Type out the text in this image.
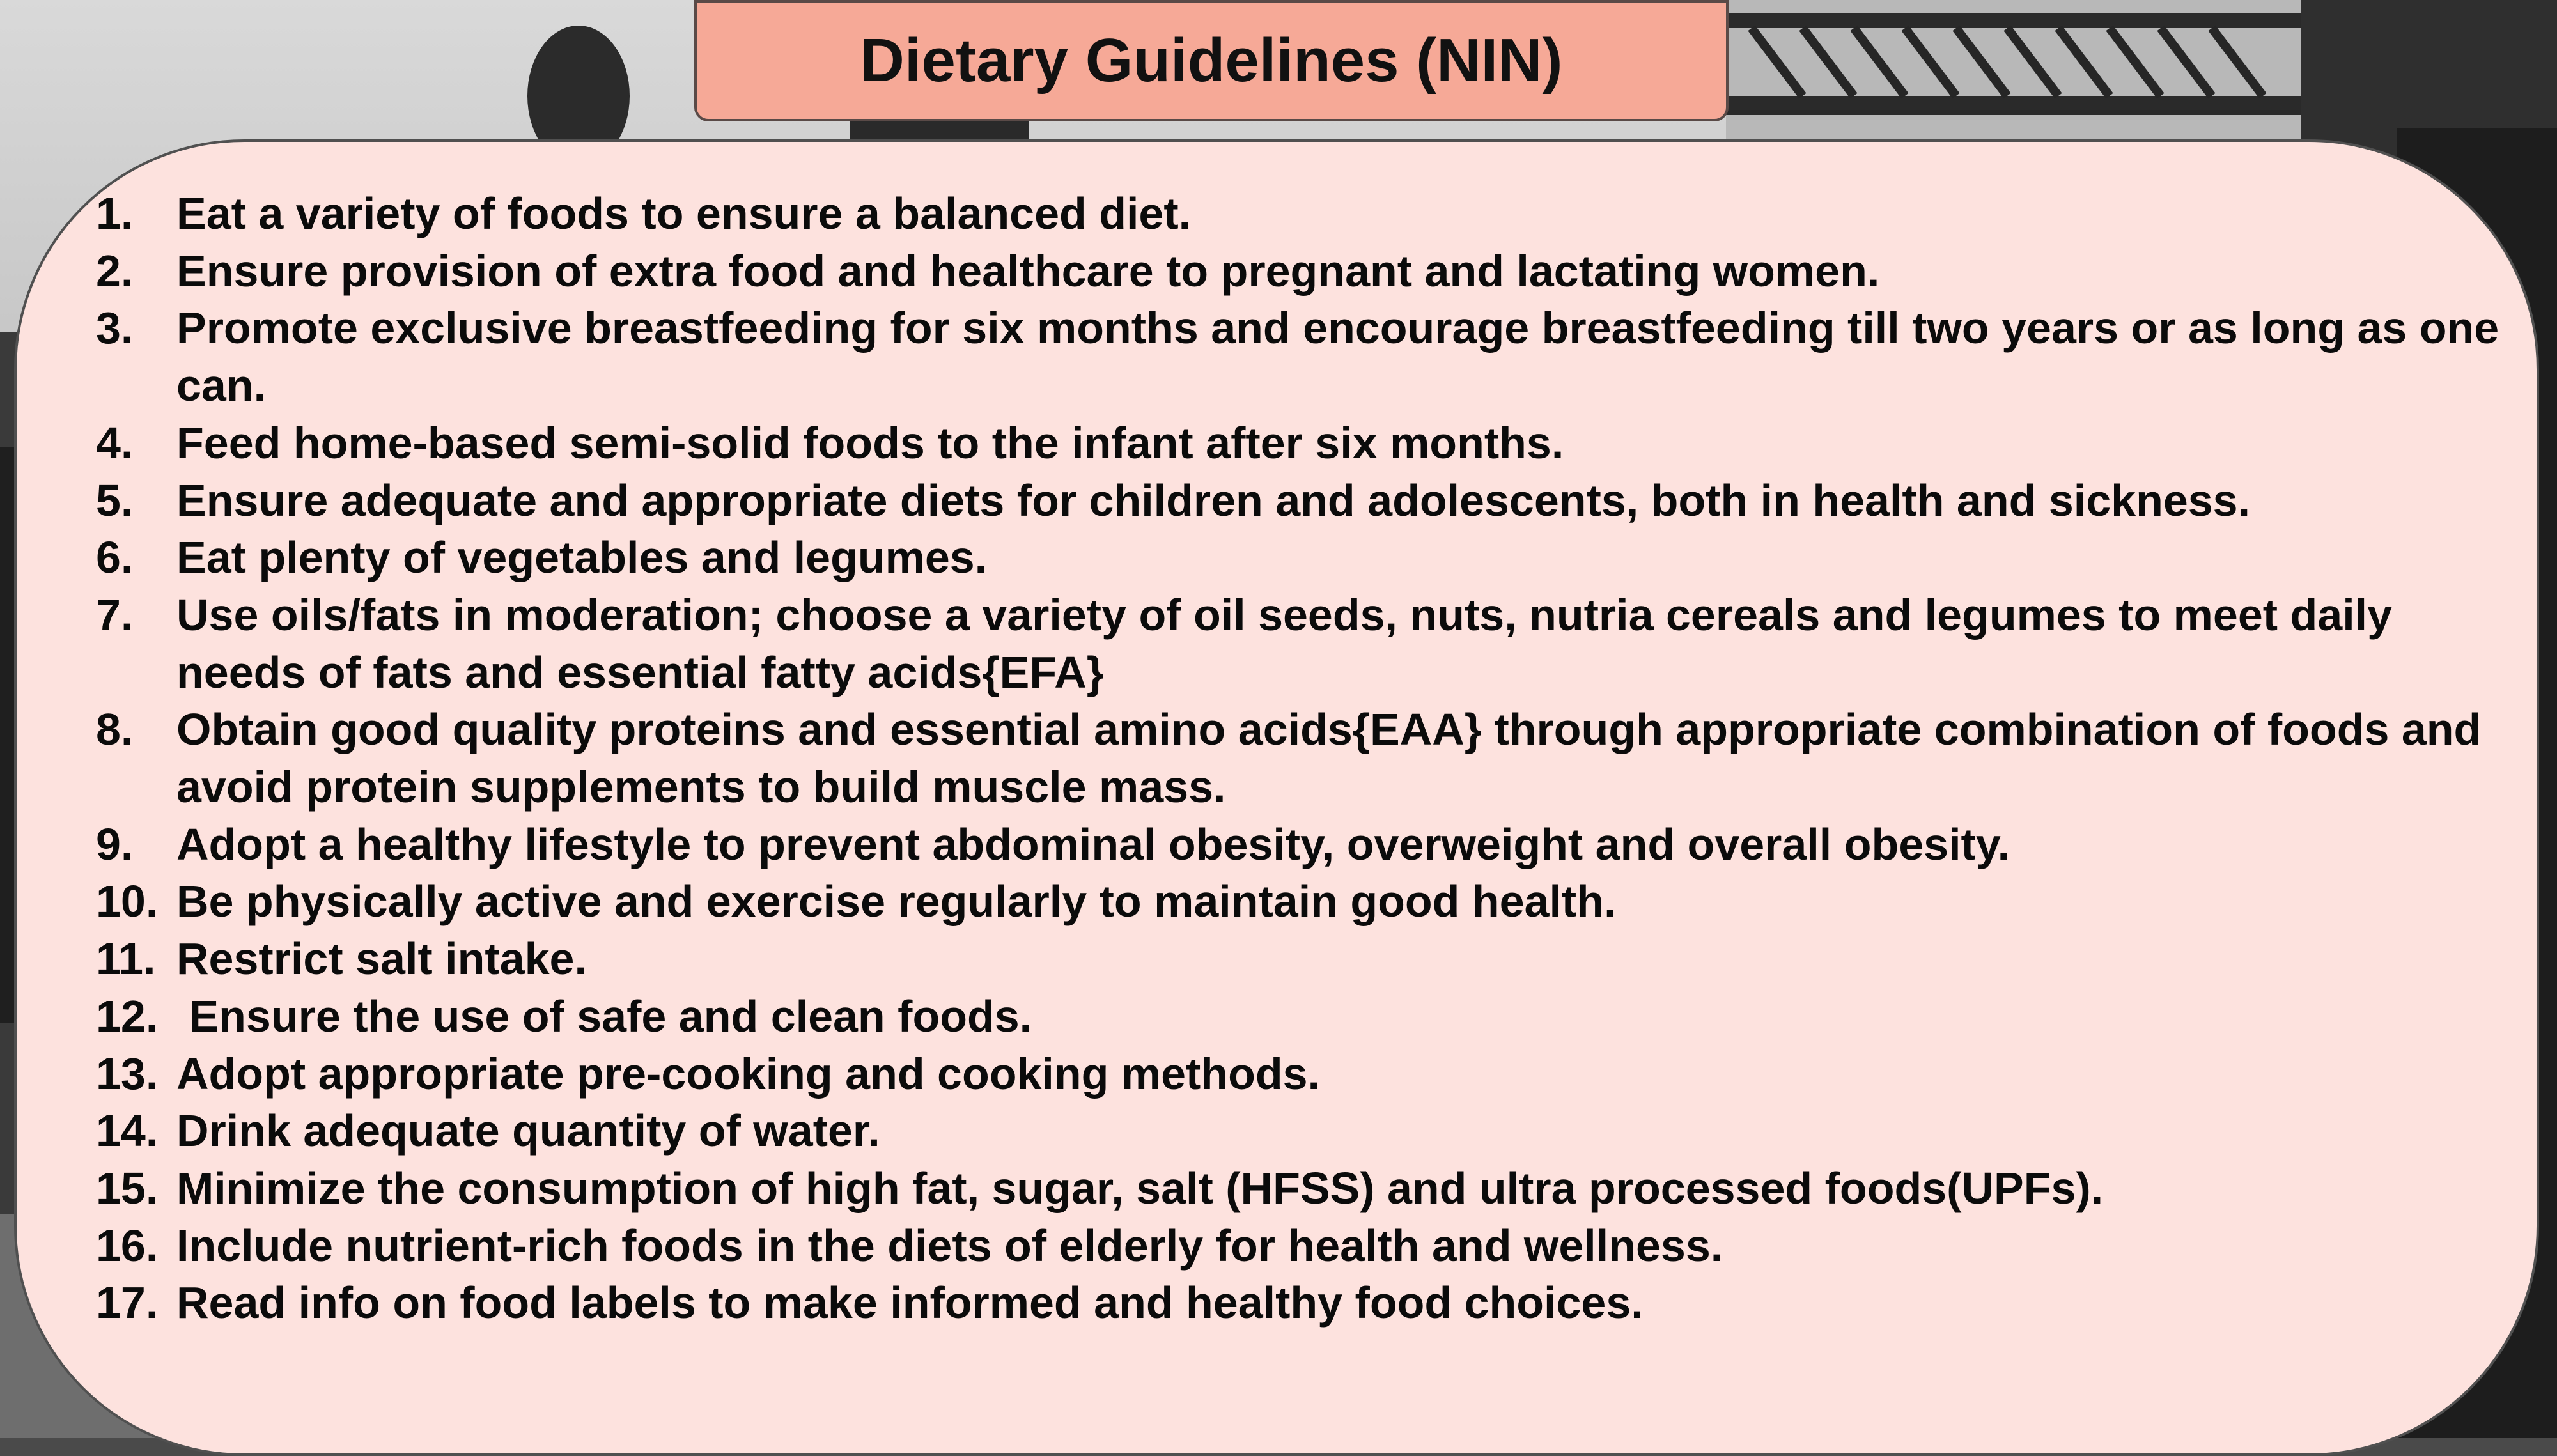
Dietary Guidelines (NIN)
1. Eat a variety of foods to ensure a balanced diet.
2. Ensure provision of extra food and healthcare to pregnant and lactating women.
3. Promote exclusive breastfeeding for six months and encourage breastfeeding till two years or as long as one can.
4. Feed home-based semi-solid foods to the infant after six months.
5. Ensure adequate and appropriate diets for children and adolescents, both in health and sickness.
6. Eat plenty of vegetables and legumes.
7. Use oils/fats in moderation; choose a variety of oil seeds, nuts, nutria cereals and legumes to meet daily needs of fats and essential fatty acids{EFA}
8. Obtain good quality proteins and essential amino acids{EAA} through appropriate combination of foods and avoid protein supplements to build muscle mass.
9. Adopt a healthy lifestyle to prevent abdominal obesity, overweight and overall obesity.
10. Be physically active and exercise regularly to maintain good health.
11. Restrict salt intake.
12. Ensure the use of safe and clean foods.
13. Adopt appropriate pre-cooking and cooking methods.
14. Drink adequate quantity of water.
15. Minimize the consumption of high fat, sugar, salt (HFSS) and ultra processed foods(UPFs).
16. Include nutrient-rich foods in the diets of elderly for health and wellness.
17. Read info on food labels to make informed and healthy food choices.
